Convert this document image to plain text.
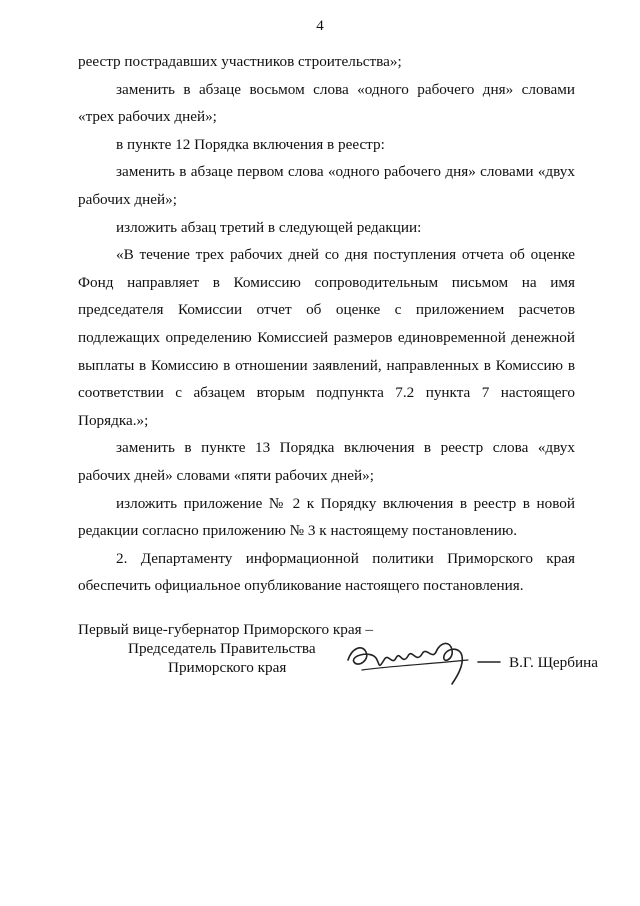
4

реестр пострадавших участников строительства»;

заменить в абзаце восьмом слова «одного рабочего дня» словами «трех рабочих дней»;

в пункте 12 Порядка включения в реестр:

заменить в абзаце первом слова «одного рабочего дня» словами «двух рабочих дней»;

изложить абзац третий в следующей редакции:

«В течение трех рабочих дней со дня поступления отчета об оценке Фонд направляет в Комиссию сопроводительным письмом на имя председателя Комиссии отчет об оценке с приложением расчетов подлежащих определению Комиссией размеров единовременной денежной выплаты в Комиссию в отношении заявлений, направленных в Комиссию в соответствии с абзацем вторым подпункта 7.2 пункта 7 настоящего Порядка.»;

заменить в пункте 13 Порядка включения в реестр слова «двух рабочих дней» словами «пяти рабочих дней»;

изложить приложение № 2 к Порядку включения в реестр в новой редакции согласно приложению № 3 к настоящему постановлению.

2. Департаменту информационной политики Приморского края обеспечить официальное опубликование настоящего постановления.

Первый вице-губернатор Приморского края –
Председатель Правительства
Приморского края	В.Г. Щербина
